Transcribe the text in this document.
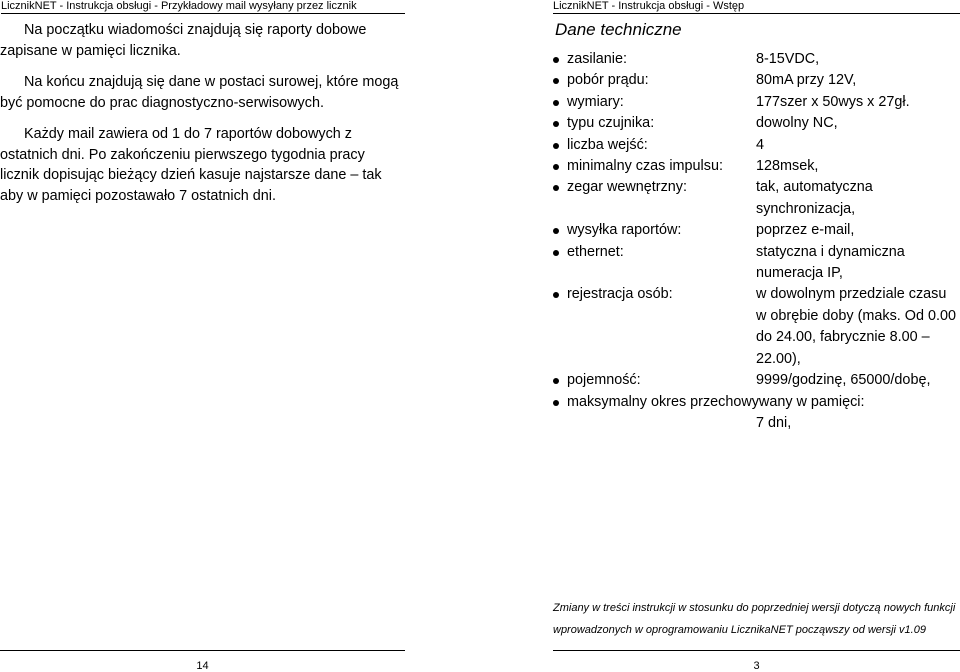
LicznikNET - Instrukcja obsługi - Przykładowy mail wysyłany przez licznik

Na początku wiadomości znajdują się raporty dobowe zapisane w pamięci licznika.

Na końcu znajdują się dane w postaci surowej, które mogą być pomocne do prac diagnostyczno-serwisowych.

Każdy mail zawiera od 1 do 7 raportów dobowych z ostatnich dni. Po zakończeniu pierwszego tygodnia pracy licznik dopisując bieżący dzień kasuje najstarsze dane – tak aby w pamięci pozostawało 7 ostatnich dni.

14
LicznikNET - Instrukcja obsługi - Wstęp
Dane techniczne
zasilanie:	8-15VDC,
pobór prądu:	80mA przy 12V,
wymiary:	177szer x 50wys x 27gł.
typu czujnika:	dowolny NC,
liczba wejść:	4
minimalny czas impulsu: 128msek,
zegar wewnętrzny:	tak, automatyczna synchronizacja,
wysyłka raportów:	poprzez e-mail,
ethernet:	statyczna i dynamiczna numeracja IP,
rejestracja osób:	w dowolnym przedziale czasu w obrębie doby (maks. Od 0.00 do 24.00, fabrycznie 8.00 – 22.00),
pojemność:	9999/godzinę, 65000/dobę,
maksymalny okres przechowywany w pamięci:
7 dni,
Zmiany w treści instrukcji w stosunku do poprzedniej wersji dotyczą nowych funkcji
wprowadzonych w oprogramowaniu LicznikaNET począwszy od wersji v1.09
3
